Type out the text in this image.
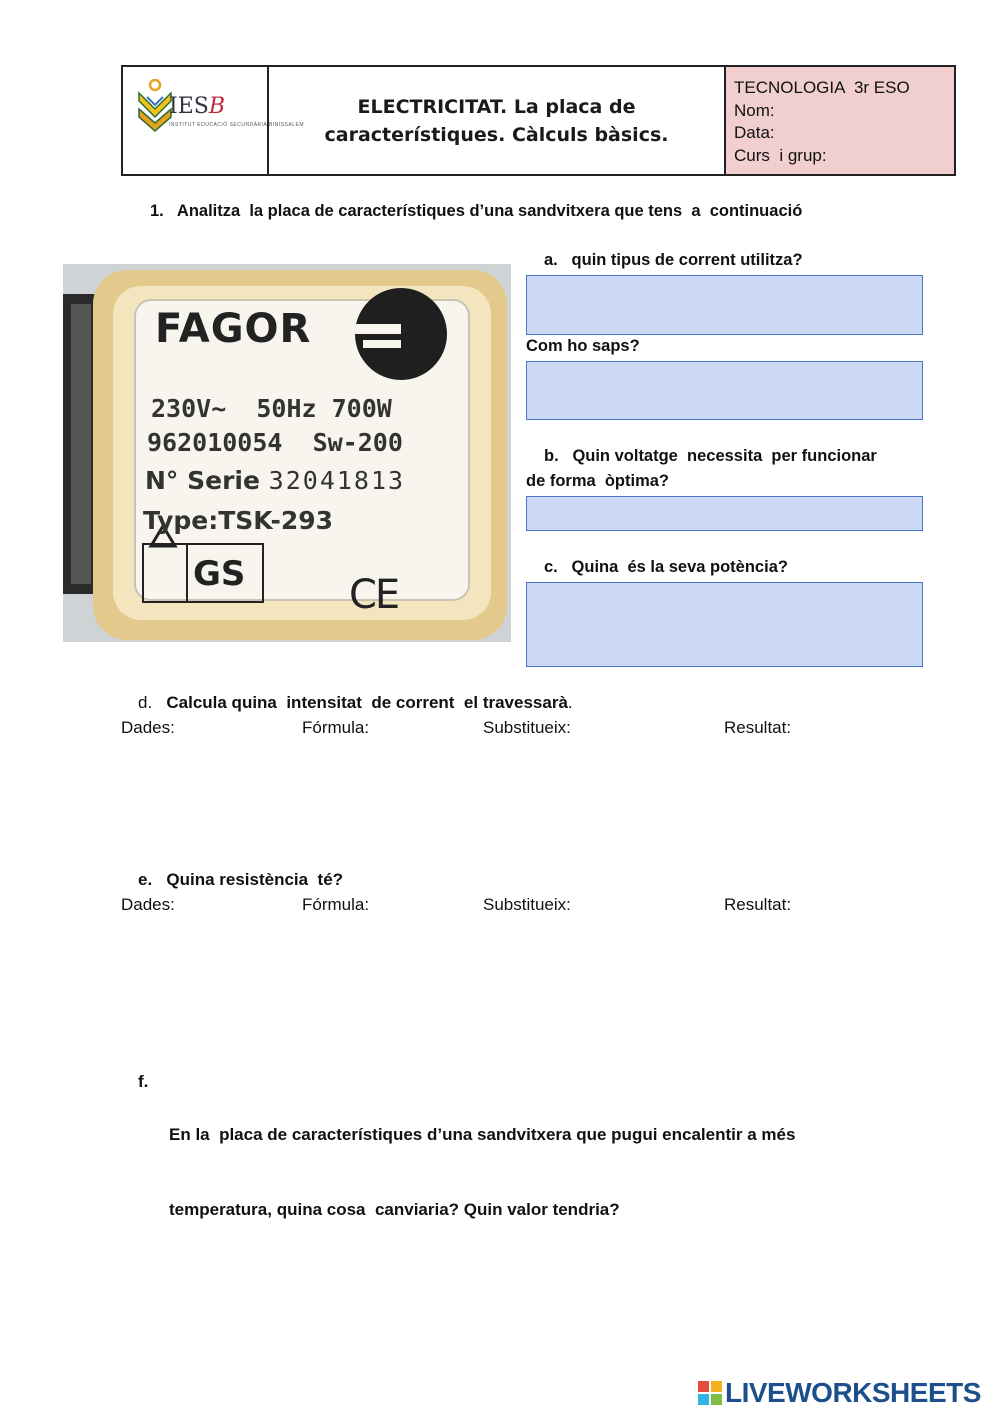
IESB
INSTITUT EDUCACIÓ SECUNDÀRIA BINISSALEM
ELECTRICITAT. La placa de
característiques. Càlculs bàsics.
TECNOLOGIA  3r ESO
Nom:
Data:
Curs  i grup:
1. Analitza  la placa de característiques d’una sandvitxera que tens  a  continuació
FAGOR
230V~  50Hz 700W
962010054  Sw-200
N° Serie 32041813
Type:TSK-293
GS	CE
a. quin tipus de corrent utilitza?
Com ho saps?
b. Quin voltatge  necessita  per funcionar
de forma  òptima?
c. Quina  és la seva potència?
d. Calcula quina  intensitat  de corrent  el travessarà.
Dades:	Fórmula:	Substitueix:	Resultat:
e. Quina resistència  té?
Dades:	Fórmula:	Substitueix:	Resultat:
f.

En la  placa de característiques d’una sandvitxera que pugui encalentir a més

temperatura, quina cosa  canviaria? Quin valor tendria?

LIVEWORKSHEETS
